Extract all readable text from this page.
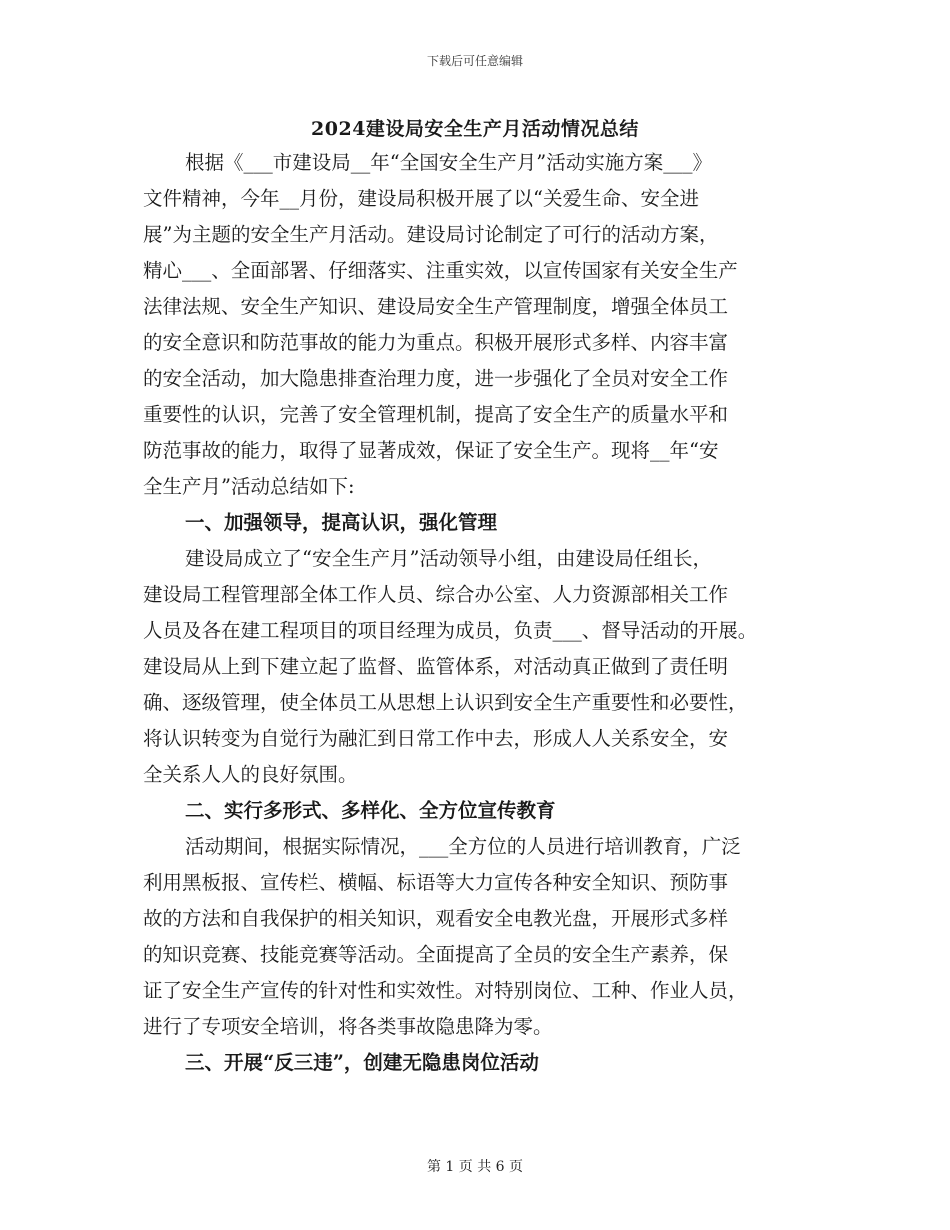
下载后可任意编辑
2024建设局安全生产月活动情况总结
根据《___市建设局__年“全国安全生产月”活动实施方案___》
文件精神，今年__月份，建设局积极开展了以“关爱生命、安全进
展”为主题的安全生产月活动。建设局讨论制定了可行的活动方案，
精心___、全面部署、仔细落实、注重实效，以宣传国家有关安全生产
法律法规、安全生产知识、建设局安全生产管理制度，增强全体员工
的安全意识和防范事故的能力为重点。积极开展形式多样、内容丰富
的安全活动，加大隐患排查治理力度，进一步强化了全员对安全工作
重要性的认识，完善了安全管理机制，提高了安全生产的质量水平和
防范事故的能力，取得了显著成效，保证了安全生产。现将__年“安
全生产月”活动总结如下:
一、加强领导，提高认识，强化管理
建设局成立了“安全生产月”活动领导小组，由建设局任组长，
建设局工程管理部全体工作人员、综合办公室、人力资源部相关工作
人员及各在建工程项目的项目经理为成员，负责___、督导活动的开展。
建设局从上到下建立起了监督、监管体系，对活动真正做到了责任明
确、逐级管理，使全体员工从思想上认识到安全生产重要性和必要性，
将认识转变为自觉行为融汇到日常工作中去，形成人人关系安全，安
全关系人人的良好氛围。
二、实行多形式、多样化、全方位宣传教育
活动期间，根据实际情况，___全方位的人员进行培训教育，广泛
利用黑板报、宣传栏、横幅、标语等大力宣传各种安全知识、预防事
故的方法和自我保护的相关知识，观看安全电教光盘，开展形式多样
的知识竞赛、技能竞赛等活动。全面提高了全员的安全生产素养，保
证了安全生产宣传的针对性和实效性。对特别岗位、工种、作业人员，
进行了专项安全培训，将各类事故隐患降为零。
三、开展“反三违”，创建无隐患岗位活动
第 1 页 共 6 页
